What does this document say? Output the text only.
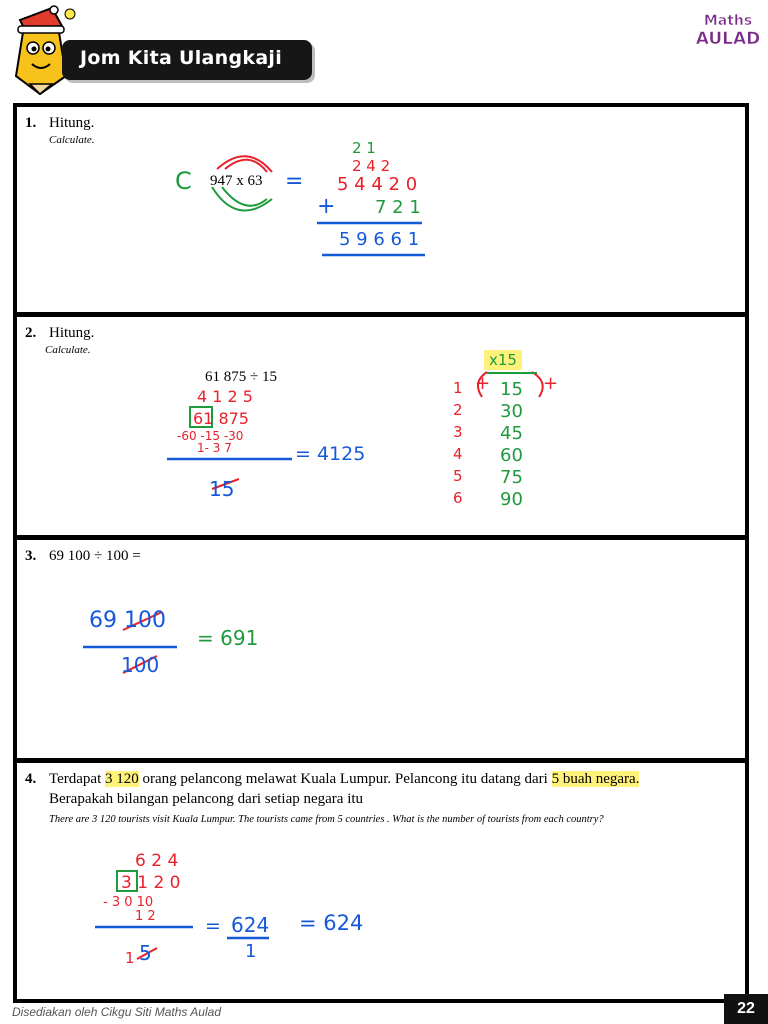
Jom Kita Ulangkaji
Maths
AULAD
1. Hitung.
Calculate.
C 947 x 63 =
2 1
2 4 2
5 4 4 2 0
+ 7 2 1
5 9 6 6 1
2. Hitung.
Calculate.
61 875 ÷ 15
4 1 2 5
61 875
-60 -15 -30
1- 3 7	= 4125
15
x15
+	+
1 15
2 30
3 45
4 60
5 75
6 90
3. 69 100 ÷ 100 =
69 100
100
= 691
4. Terdapat 3 120 orang pelancong melawat Kuala Lumpur. Pelancong itu datang dari 5 buah negara.
Berapakah bilangan pelancong dari setiap negara itu
There are 3 120 tourists visit Kuala Lumpur. The tourists came from 5 countries . What is the number of tourists from each country?
6 2 4
3 1 2 0
- 3 0 10
1 2	= 624
1
= 624
1 5
Disediakan oleh Cikgu Siti Maths Aulad	22
